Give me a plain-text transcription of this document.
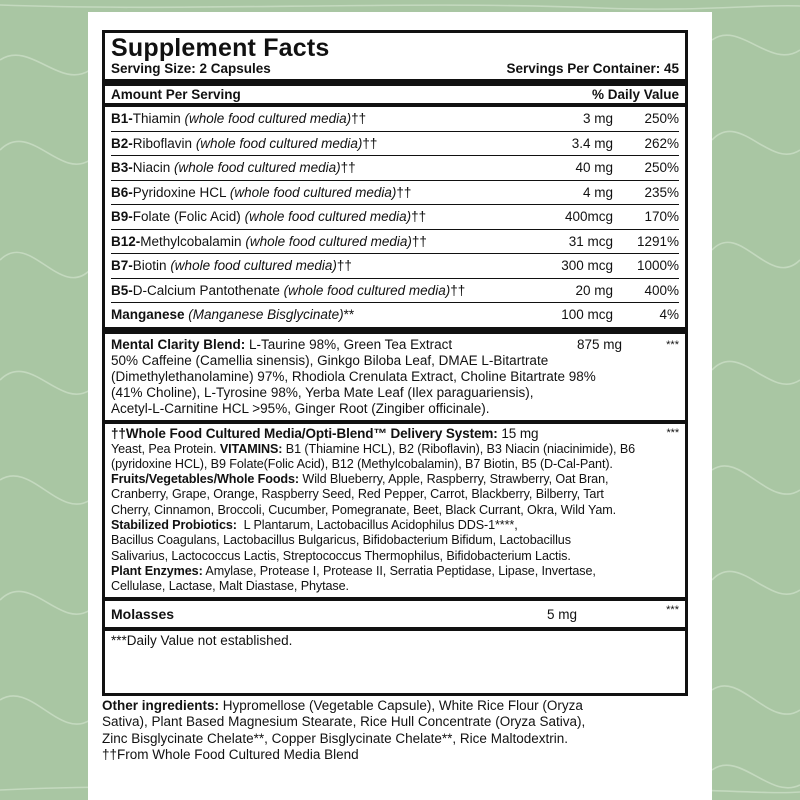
Supplement Facts
Serving Size: 2 Capsules	Servings Per Container: 45
Amount Per Serving	% Daily Value
B1-Thiamin (whole food cultured media)††	3 mg	250%
B2-Riboflavin (whole food cultured media)††	3.4 mg	262%
B3-Niacin (whole food cultured media)††	40 mg	250%
B6-Pyridoxine HCL (whole food cultured media)††	4 mg	235%
B9-Folate (Folic Acid) (whole food cultured media)††	400mcg	170%
B12-Methylcobalamin (whole food cultured media)††	31 mcg	1291%
B7-Biotin (whole food cultured media)††	300 mcg	1000%
B5-D-Calcium Pantothenate (whole food cultured media)††	20 mg	400%
Manganese (Manganese Bisglycinate)**	100 mcg	4%
Mental Clarity Blend: L-Taurine 98%, Green Tea Extract	875 mg	***
50% Caffeine (Camellia sinensis), Ginkgo Biloba Leaf, DMAE L-Bitartrate
(Dimethylethanolamine) 97%, Rhodiola Crenulata Extract, Choline Bitartrate 98%
(41% Choline), L-Tyrosine 98%, Yerba Mate Leaf (Ilex paraguariensis),
Acetyl-L-Carnitine HCL >95%, Ginger Root (Zingiber officinale).
††Whole Food Cultured Media/Opti-Blend™ Delivery System: 15 mg	***
Yeast, Pea Protein. VITAMINS: B1 (Thiamine HCL), B2 (Riboflavin), B3 Niacin (niacinimide), B6
(pyridoxine HCL), B9 Folate(Folic Acid), B12 (Methylcobalamin), B7 Biotin, B5 (D-Cal-Pant).
Fruits/Vegetables/Whole Foods: Wild Blueberry, Apple, Raspberry, Strawberry, Oat Bran,
Cranberry, Grape, Orange, Raspberry Seed, Red Pepper, Carrot, Blackberry, Bilberry, Tart
Cherry, Cinnamon, Broccoli, Cucumber, Pomegranate, Beet, Black Currant, Okra, Wild Yam.
Stabilized Probiotics:  L Plantarum, Lactobacillus Acidophilus DDS-1****,
Bacillus Coagulans, Lactobacillus Bulgaricus, Bifidobacterium Bifidum, Lactobacillus
Salivarius, Lactococcus Lactis, Streptococcus Thermophilus, Bifidobacterium Lactis.
Plant Enzymes: Amylase, Protease I, Protease II, Serratia Peptidase, Lipase, Invertase,
Cellulase, Lactase, Malt Diastase, Phytase.
Molasses	5 mg	***
***Daily Value not established.
Other ingredients: Hypromellose (Vegetable Capsule), White Rice Flour (Oryza
Sativa), Plant Based Magnesium Stearate, Rice Hull Concentrate (Oryza Sativa),
Zinc Bisglycinate Chelate**, Copper Bisglycinate Chelate**, Rice Maltodextrin.
††From Whole Food Cultured Media Blend
